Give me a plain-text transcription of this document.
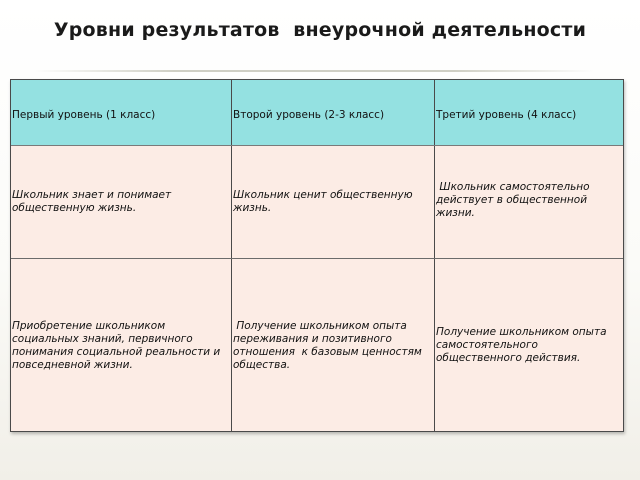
Уровни результатов  внеурочной деятельности
Первый уровень (1 класс)	Второй уровень (2-3 класс)	Третий уровень (4 класс)
Школьник знает и понимает общественную жизнь.
Школьник ценит общественную жизнь.
Школьник самостоятельно действует в общественной жизни.
Приобретение школьником социальных знаний, первичного понимания социальной реальности и повседневной жизни.
Получение школьником опыта переживания и позитивного отношения  к базовым ценностям общества.
Получение школьником опыта самостоятельного общественного действия.
